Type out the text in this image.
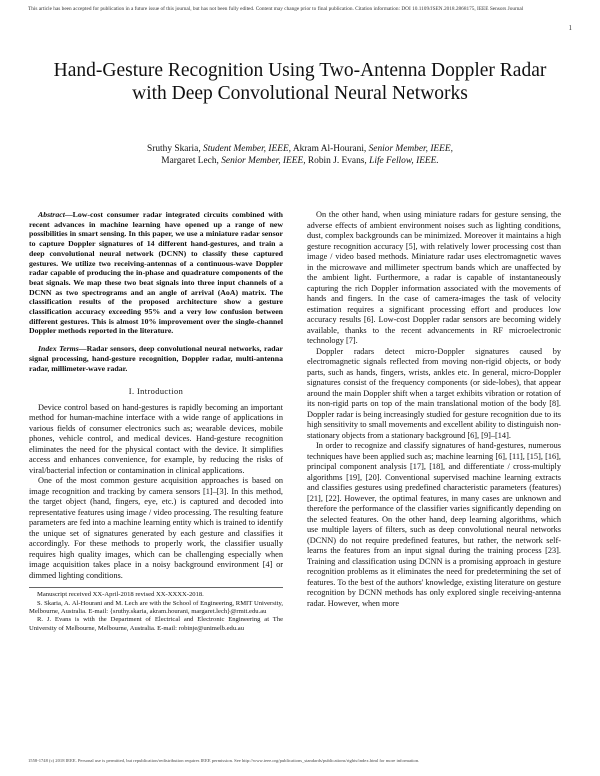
This article has been accepted for publication in a future issue of this journal, but has not been fully edited. Content may change prior to final publication. Citation information: DOI 10.1109/JSEN.2018.2868175, IEEE Sensors Journal
1
Hand-Gesture Recognition Using Two-Antenna Doppler Radar with Deep Convolutional Neural Networks
Sruthy Skaria, Student Member, IEEE, Akram Al-Hourani, Senior Member, IEEE,
Margaret Lech, Senior Member, IEEE, Robin J. Evans, Life Fellow, IEEE.

Abstract—Low-cost consumer radar integrated circuits combined with recent advances in machine learning have opened up a range of new possibilities in smart sensing. In this paper, we use a miniature radar sensor to capture Doppler signatures of 14 different hand-gestures, and train a deep convolutional neural network (DCNN) to classify these captured gestures. We utilize two receiving-antennas of a continuous-wave Doppler radar capable of producing the in-phase and quadrature components of the beat signals. We map these two beat signals into three input channels of a DCNN as two spectrograms and an angle of arrival (AoA) matrix. The classification results of the proposed architecture show a gesture classification accuracy exceeding 95% and a very low confusion between different gestures. This is almost 10% improvement over the single-channel Doppler methods reported in the literature.

Index Terms—Radar sensors, deep convolutional neural networks, radar signal processing, hand-gesture recognition, Doppler radar, multi-antenna radar, millimeter-wave radar.

I. Introduction

Device control based on hand-gestures is rapidly becoming an important method for human-machine interface with a wide range of applications in various fields of consumer electronics such as; wearable devices, mobile phones, vehicle control, and medical devices. Hand-gesture recognition eliminates the need for the physical contact with the device. It simplifies access and enhances convenience, for example, by reducing the risks of viral/bacterial infection or contamination in clinical applications.

One of the most common gesture acquisition approaches is based on image recognition and tracking by camera sensors [1]–[3]. In this method, the target object (hand, fingers, eye, etc.) is captured and decoded into representative features using image / video processing. The resulting feature parameters are fed into a machine learning entity which is trained to identify the unique set of signatures generated by each gesture and classifies it accordingly. For these methods to properly work, the classifier usually requires high quality images, which can be challenging especially when image acquisition takes place in a noisy background environment [4] or dimmed lighting conditions.

Manuscript received XX-April-2018 revised XX-XXXX-2018.
S. Skaria, A. Al-Hourani and M. Lech are with the School of Engineering, RMIT University, Melbourne, Australia. E-mail: {sruthy.skaria, akram.hourani, margaret.lech}@rmit.edu.au
R. J. Evans is with the Department of Electrical and Electronic Engineering at The University of Melbourne, Melbourne, Australia. E-mail: robinje@unimelb.edu.au

On the other hand, when using miniature radars for gesture sensing, the adverse effects of ambient environment noises such as lighting conditions, dust, complex backgrounds can be minimized. Moreover it maintains a high gesture recognition accuracy [5], with relatively lower processing cost than image / video based methods. Miniature radar uses electromagnetic waves in the microwave and millimeter spectrum bands which are unaffected by the ambient light. Furthermore, a radar is capable of instantaneously capturing the rich Doppler information associated with the movements of hands and fingers. In the case of camera-images the task of velocity estimation requires a significant processing effort and produces low accuracy results [6]. Low-cost Doppler radar sensors are becoming widely available, thanks to the recent advancements in RF microelectronic technology [7].

Doppler radars detect micro-Doppler signatures caused by electromagnetic signals reflected from moving non-rigid objects, or body parts, such as hands, fingers, wrists, ankles etc. In general, micro-Doppler signatures consist of the frequency components (or side-lobes), that appear around the main Doppler shift when a target exhibits vibration or rotation of its non-rigid parts on top of the main translational motion of the body [8]. Doppler radar is being increasingly studied for gesture recognition due to its high sensitivity to small movements and excellent ability to distinguish non-stationary objects from a stationary background [6], [9]–[14].

In order to recognize and classify signatures of hand-gestures, numerous techniques have been applied such as; machine learning [6], [11], [15], [16], principal component analysis [17], [18], and differentiate / cross-multiply algorithms [19], [20]. Conventional supervised machine learning extracts and classifies gestures using predefined characteristic parameters (features) [21], [22]. However, the optimal features, in many cases are unknown and therefore the performance of the classifier varies significantly depending on the selected features. On the other hand, deep learning algorithms, which use multiple layers of filters, such as deep convolutional neural networks (DCNN) do not require predefined features, but rather, the network self-learns the features from an input signal during the training process [23]. Training and classification using DCNN is a promising approach in gesture recognition problems as it eliminates the need for predetermining the set of features. To the best of the authors' knowledge, existing literature on gesture recognition by DCNN methods has only explored single receiving-antenna radar. However, when more

1558-1748 (c) 2018 IEEE. Personal use is permitted, but republication/redistribution requires IEEE permission. See http://www.ieee.org/publications_standards/publications/rights/index.html for more information.
